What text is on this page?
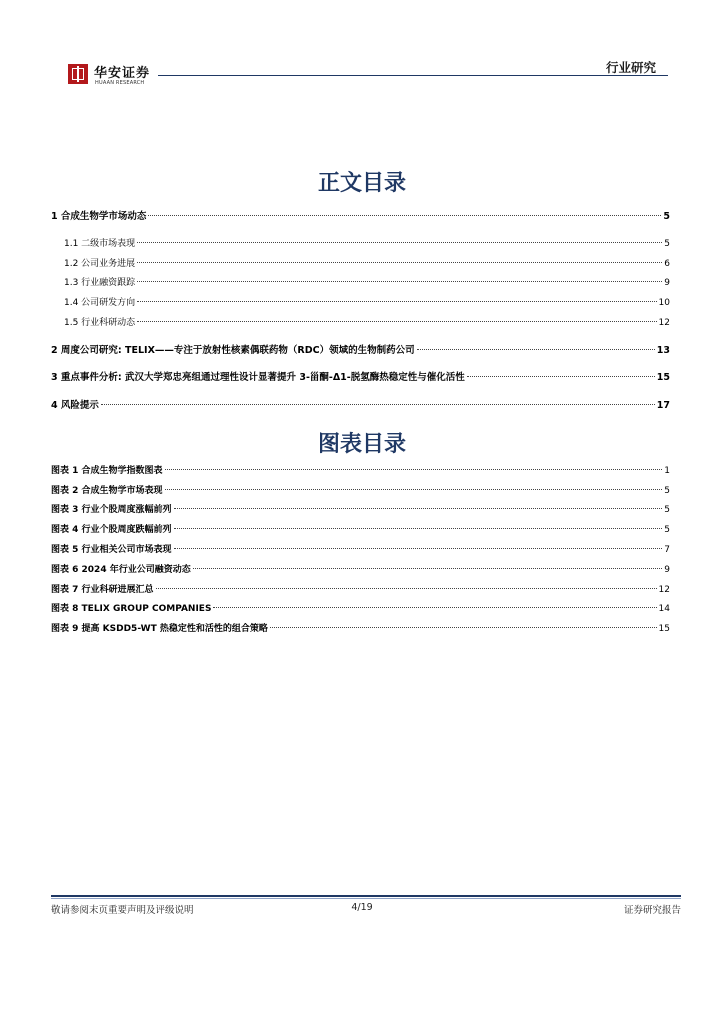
华安证券
HUAAN RESEARCH
行业研究
正文目录
1 合成生物学市场动态	5
1.1 二级市场表现	5
1.2 公司业务进展	6
1.3 行业融资跟踪	9
1.4 公司研发方向	10
1.5 行业科研动态	12
2 周度公司研究: TELIX——专注于放射性核素偶联药物（RDC）领域的生物制药公司	13
3 重点事件分析: 武汉大学郑忠亮组通过理性设计显著提升 3-甾酮-Δ1-脱氢酶热稳定性与催化活性	15
4 风险提示	17
图表目录
图表 1 合成生物学指数图表	1
图表 2 合成生物学市场表现	5
图表 3 行业个股周度涨幅前列	5
图表 4 行业个股周度跌幅前列	5
图表 5 行业相关公司市场表现	7
图表 6 2024 年行业公司融资动态	9
图表 7 行业科研进展汇总	12
图表 8 TELIX GROUP COMPANIES	14
图表 9 提高 KSDD5-WT 热稳定性和活性的组合策略	15
敬请参阅末页重要声明及评级说明	4/19	证券研究报告
